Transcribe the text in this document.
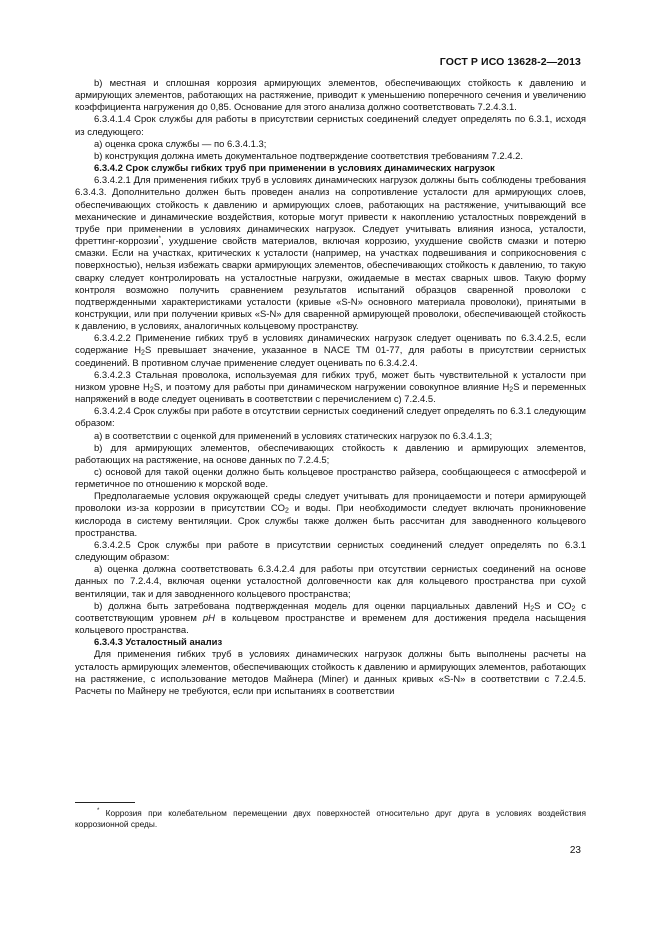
ГОСТ Р ИСО 13628-2—2013

b) местная и сплошная коррозия армирующих элементов, обеспечивающих стойкость к давлению и армирующих элементов, работающих на растяжение, приводит к уменьшению поперечного сечения и увеличению коэффициента нагружения до 0,85. Основание для этого анализа должно соответствовать 7.2.4.3.1.

6.3.4.1.4 Срок службы для работы в присутствии сернистых соединений следует определять по 6.3.1, исходя из следующего:

a) оценка срока службы — по 6.3.4.1.3;

b) конструкция должна иметь документальное подтверждение соответствия требованиям 7.2.4.2.

6.3.4.2 Срок службы гибких труб при применении в условиях динамических нагрузок

6.3.4.2.1 Для применения гибких труб в условиях динамических нагрузок должны быть соблюдены требования 6.3.4.3. Дополнительно должен быть проведен анализ на сопротивление усталости для армирующих слоев, обеспечивающих стойкость к давлению и армирующих слоев, работающих на растяжение, учитывающий все механические и динамические воздействия, которые могут привести к накоплению усталостных повреждений в трубе при применении в условиях динамических нагрузок. Следует учитывать влияния износа, усталости, фреттинг-коррозии*, ухудшение свойств материалов, включая коррозию, ухудшение свойств смазки и потерю смазки. Если на участках, критических к усталости (например, на участках подвешивания и соприкосновения с поверхностью), нельзя избежать сварки армирующих элементов, обеспечивающих стойкость к давлению, то такую сварку следует контролировать на усталостные нагрузки, ожидаемые в местах сварных швов. Такую форму контроля возможно получить сравнением результатов испытаний образцов сваренной проволоки с подтвержденными характеристиками усталости (кривые «S-N» основного материала проволоки), принятыми в конструкции, или при получении кривых «S-N» для сваренной армирующей проволоки, обеспечивающей стойкость к давлению, в условиях, аналогичных кольцевому пространству.

6.3.4.2.2 Применение гибких труб в условиях динамических нагрузок следует оценивать по 6.3.4.2.5, если содержание $H_2S$ превышает значение, указанное в NACE TM 01-77, для работы в присутствии сернистых соединений. В противном случае применение следует оценивать по 6.3.4.2.4.

6.3.4.2.3 Стальная проволока, используемая для гибких труб, может быть чувствительной к усталости при низком уровне $H_2S$, и поэтому для работы при динамическом нагружении совокупное влияние $H_2S$ и переменных напряжений в воде следует оценивать в соответствии с перечислением c) 7.2.4.5.

6.3.4.2.4 Срок службы при работе в отсутствии сернистых соединений следует определять по 6.3.1 следующим образом:

a) в соответствии с оценкой для применений в условиях статических нагрузок по 6.3.4.1.3;

b) для армирующих элементов, обеспечивающих стойкость к давлению и армирующих элементов, работающих на растяжение, на основе данных по 7.2.4.5;

c) основой для такой оценки должно быть кольцевое пространство райзера, сообщающееся с атмосферой и герметичное по отношению к морской воде.

Предполагаемые условия окружающей среды следует учитывать для проницаемости и потери армирующей проволоки из-за коррозии в присутствии $CO_2$ и воды. При необходимости следует включать проникновение кислорода в систему вентиляции. Срок службы также должен быть рассчитан для заводненного кольцевого пространства.

6.3.4.2.5 Срок службы при работе в присутствии сернистых соединений следует определять по 6.3.1 следующим образом:

a) оценка должна соответствовать 6.3.4.2.4 для работы при отсутствии сернистых соединений на основе данных по 7.2.4.4, включая оценки усталостной долговечности как для кольцевого пространства при сухой вентиляции, так и для заводненного кольцевого пространства;

b) должна быть затребована подтвержденная модель для оценки парциальных давлений $H_2S$ и $CO_2$ с соответствующим уровнем pH в кольцевом пространстве и временем для достижения предела насыщения кольцевого пространства.

6.3.4.3 Усталостный анализ

Для применения гибких труб в условиях динамических нагрузок должны быть выполнены расчеты на усталость армирующих элементов, обеспечивающих стойкость к давлению и армирующих элементов, работающих на растяжение, с использование методов Майнера (Miner) и данных кривых «S-N» в соответствии с 7.2.4.5. Расчеты по Майнеру не требуются, если при испытаниях в соответствии

* Коррозия при колебательном перемещении двух поверхностей относительно друг друга в условиях воздействия коррозионной среды.
23
